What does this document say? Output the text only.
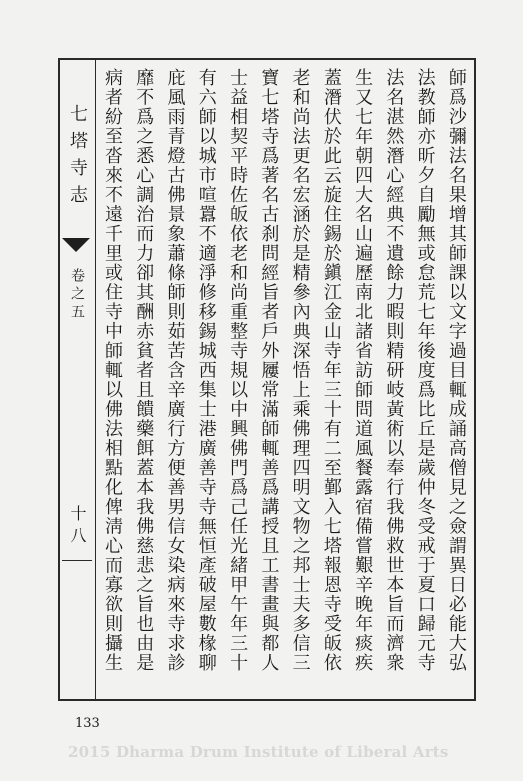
七塔寺志
卷之五
十八	師爲沙彌法名果增其師課以文字過目輒成誦高僧見之僉謂異日必能大弘
法教師亦昕夕自勵無或怠荒七年後度爲比丘是歲仲冬受戒于夏口歸元寺
法名湛然潛心經典不遺餘力暇則精研岐黃術以奉行我佛救世本旨而濟衆
生又七年朝四大名山遍歷南北諸省訪師問道風餐露宿備嘗艱辛晚年痰疾
蓋潛伏於此云旋住錫於鎭江金山寺年三十有二至鄞入七塔報恩寺受皈依
老和尚法更名宏涵於是精參內典深悟上乘佛理四明文物之邦士夫多信三
寶七塔寺爲著名古刹問經旨者戶外屨常滿師輒善爲講授且工書畫與都人
士益相契平時佐皈依老和尚重整寺規以中興佛門爲己任光緒甲午年三十
有六師以城市喧囂不適淨修移錫城西集士港廣善寺寺無恒產破屋數椽聊
庇風雨青燈古佛景象蕭條師則茹苦含辛廣行方便善男信女染病來寺求診
靡不爲之悉心調治而力卻其酬赤貧者且饋藥餌蓋本我佛慈悲之旨也由是
病者紛至沓來不遠千里或住寺中師輒以佛法相點化俾淸心而寡欲則攝生
133
2015 Dharma Drum Institute of Liberal Arts
